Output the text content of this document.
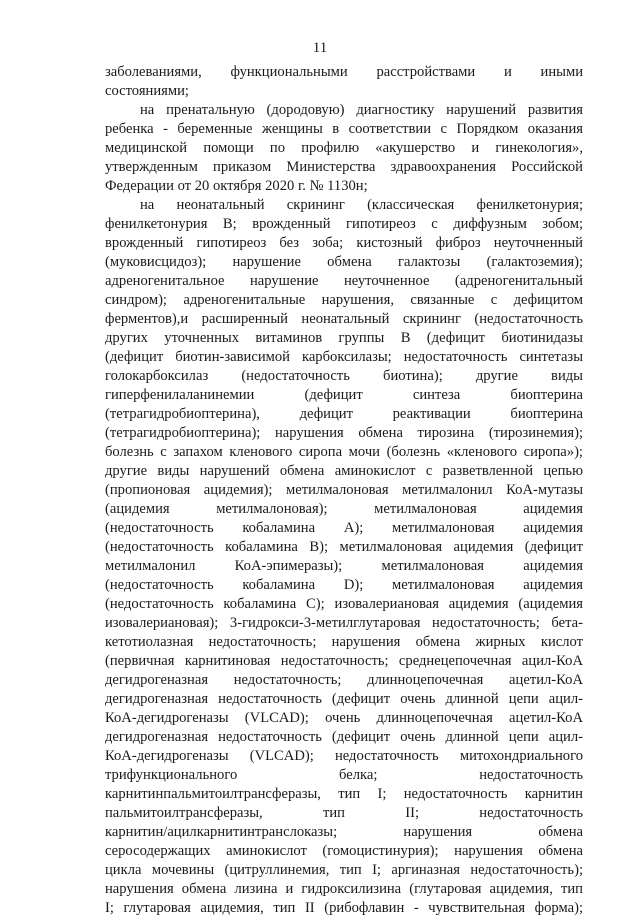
11

заболеваниями, функциональными расстройствами и иными
состояниями;
на пренатальную (дородовую) диагностику нарушений развития
ребенка - беременные женщины в соответствии с Порядком оказания
медицинской помощи по профилю «акушерство и гинекология»,
утвержденным приказом Министерства здравоохранения Российской
Федерации от 20 октября 2020 г. № 1130н;
на неонатальный скрининг (классическая фенилкетонурия;
фенилкетонурия B; врожденный гипотиреоз с диффузным зобом;
врожденный гипотиреоз без зоба; кистозный фиброз неуточненный
(муковисцидоз); нарушение обмена галактозы (галактоземия);
адреногенитальное нарушение неуточненное (адреногенитальный
синдром); адреногенитальные нарушения, связанные с дефицитом
ферментов),и расширенный неонатальный скрининг (недостаточность
других уточненных витаминов группы B (дефицит биотинидазы
(дефицит биотин-зависимой карбоксилазы; недостаточность синтетазы
голокарбоксилаз (недостаточность биотина); другие виды
гиперфенилаланинемии (дефицит синтеза биоптерина
(тетрагидробиоптерина), дефицит реактивации биоптерина
(тетрагидробиоптерина); нарушения обмена тирозина (тирозинемия);
болезнь с запахом кленового сиропа мочи (болезнь «кленового сиропа»);
другие виды нарушений обмена аминокислот с разветвленной цепью
(пропионовая ацидемия); метилмалоновая метилмалонил КоА-мутазы
(ацидемия метилмалоновая); метилмалоновая ацидемия
(недостаточность кобаламина A); метилмалоновая ацидемия
(недостаточность кобаламина B); метилмалоновая ацидемия (дефицит
метилмалонил КоА-эпимеразы); метилмалоновая ацидемия
(недостаточность кобаламина D); метилмалоновая ацидемия
(недостаточность кобаламина C); изовалериановая ацидемия (ацидемия
изовалериановая); 3-гидрокси-3-метилглутаровая недостаточность; бета-
кетотиолазная недостаточность; нарушения обмена жирных кислот
(первичная карнитиновая недостаточность; среднецепочечная ацил-КоА
дегидрогеназная недостаточность; длинноцепочечная ацетил-КоА
дегидрогеназная недостаточность (дефицит очень длинной цепи ацил-
КоА-дегидрогеназы (VLCAD); очень длинноцепочечная ацетил-КоА
дегидрогеназная недостаточность (дефицит очень длинной цепи ацил-
КоА-дегидрогеназы (VLCAD); недостаточность митохондриального
трифункционального белка; недостаточность
карнитинпальмитоилтрансферазы, тип I; недостаточность карнитин
пальмитоилтрансферазы, тип II; недостаточность
карнитин/ацилкарнитинтранслоказы; нарушения обмена
серосодержащих аминокислот (гомоцистинурия); нарушения обмена
цикла мочевины (цитруллинемия, тип I; аргиназная недостаточность);
нарушения обмена лизина и гидроксилизина (глутаровая ацидемия, тип
I; глутаровая ацидемия, тип II (рибофлавин - чувствительная форма);
